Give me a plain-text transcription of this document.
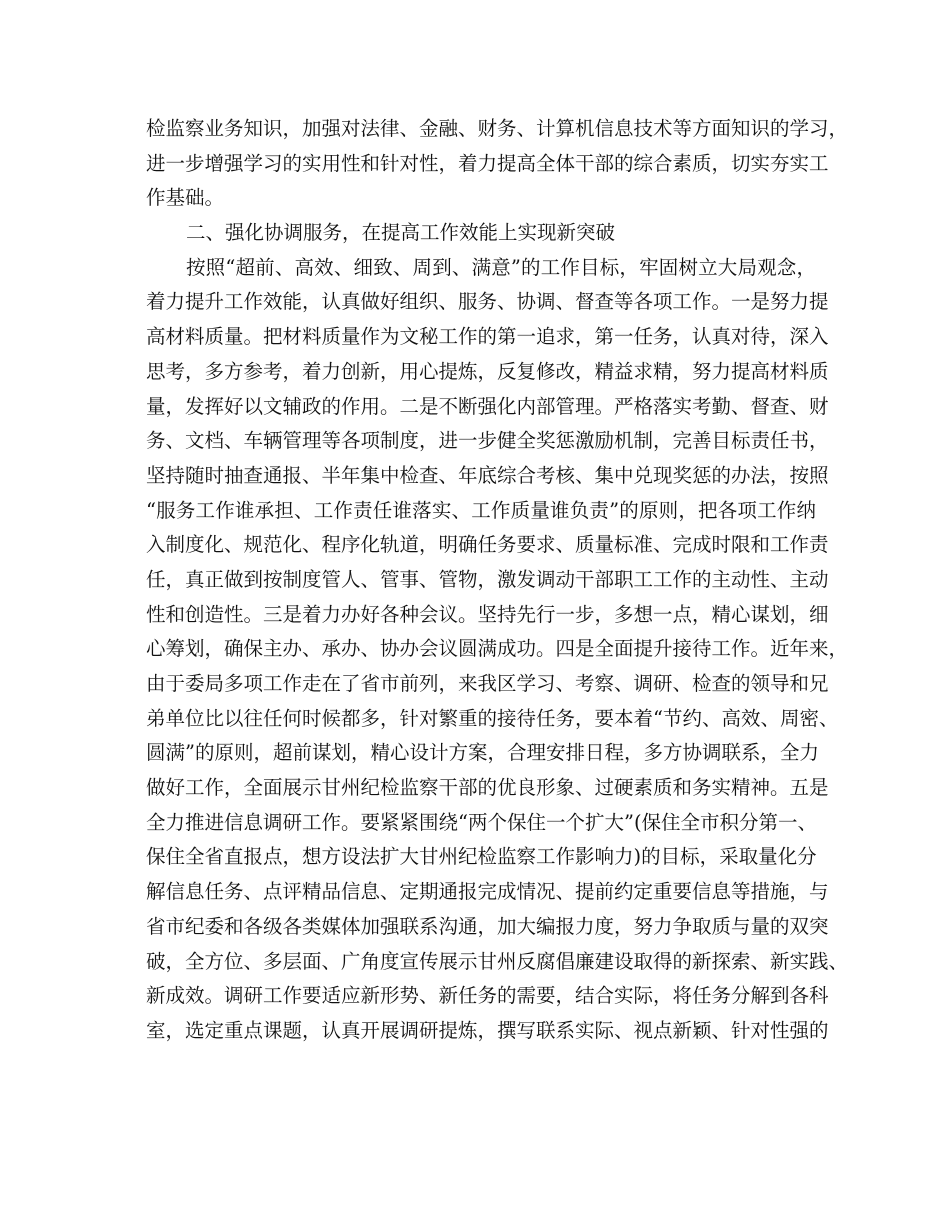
检监察业务知识，加强对法律、金融、财务、计算机信息技术等方面知识的学习，
进一步增强学习的实用性和针对性，着力提高全体干部的综合素质，切实夯实工
作基础。
二、强化协调服务，在提高工作效能上实现新突破
按照“超前、高效、细致、周到、满意”的工作目标，牢固树立大局观念，
着力提升工作效能，认真做好组织、服务、协调、督查等各项工作。一是努力提
高材料质量。把材料质量作为文秘工作的第一追求，第一任务，认真对待，深入
思考，多方参考，着力创新，用心提炼，反复修改，精益求精，努力提高材料质
量，发挥好以文辅政的作用。二是不断强化内部管理。严格落实考勤、督查、财
务、文档、车辆管理等各项制度，进一步健全奖惩激励机制，完善目标责任书，
坚持随时抽查通报、半年集中检查、年底综合考核、集中兑现奖惩的办法，按照
“服务工作谁承担、工作责任谁落实、工作质量谁负责”的原则，把各项工作纳
入制度化、规范化、程序化轨道，明确任务要求、质量标准、完成时限和工作责
任，真正做到按制度管人、管事、管物，激发调动干部职工工作的主动性、主动
性和创造性。三是着力办好各种会议。坚持先行一步，多想一点，精心谋划，细
心筹划，确保主办、承办、协办会议圆满成功。四是全面提升接待工作。近年来，
由于委局多项工作走在了省市前列，来我区学习、考察、调研、检查的领导和兄
弟单位比以往任何时候都多，针对繁重的接待任务，要本着“节约、高效、周密、
圆满”的原则，超前谋划，精心设计方案，合理安排日程，多方协调联系，全力
做好工作，全面展示甘州纪检监察干部的优良形象、过硬素质和务实精神。五是
全力推进信息调研工作。要紧紧围绕“两个保住一个扩大”(保住全市积分第一、
保住全省直报点，想方设法扩大甘州纪检监察工作影响力)的目标，采取量化分
解信息任务、点评精品信息、定期通报完成情况、提前约定重要信息等措施，与
省市纪委和各级各类媒体加强联系沟通，加大编报力度，努力争取质与量的双突
破，全方位、多层面、广角度宣传展示甘州反腐倡廉建设取得的新探索、新实践、
新成效。调研工作要适应新形势、新任务的需要，结合实际，将任务分解到各科
室，选定重点课题，认真开展调研提炼，撰写联系实际、视点新颖、针对性强的
